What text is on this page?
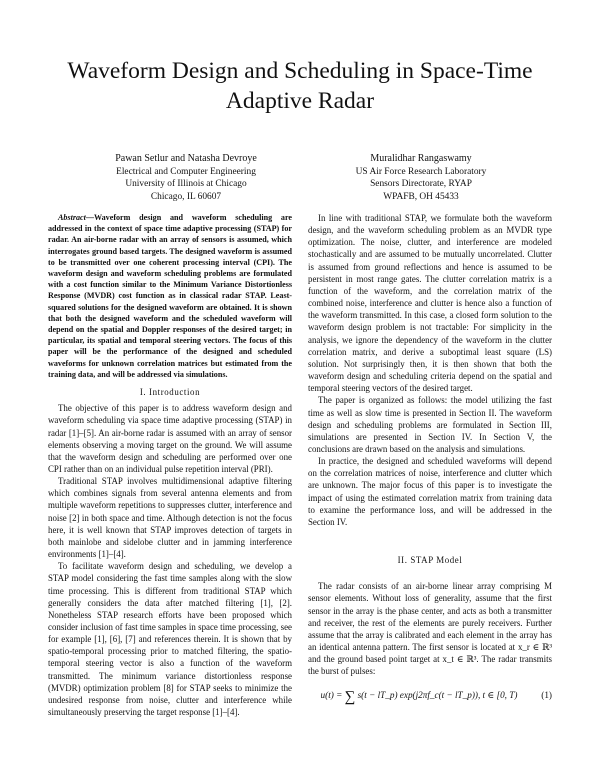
Waveform Design and Scheduling in Space-Time Adaptive Radar
Pawan Setlur and Natasha Devroye
Electrical and Computer Engineering
University of Illinois at Chicago
Chicago, IL 60607
Muralidhar Rangaswamy
US Air Force Research Laboratory
Sensors Directorate, RYAP
WPAFB, OH 45433

Abstract—Waveform design and waveform scheduling are addressed in the context of space time adaptive processing (STAP) for radar. An air-borne radar with an array of sensors is assumed, which interrogates ground based targets. The designed waveform is assumed to be transmitted over one coherent processing interval (CPI). The waveform design and waveform scheduling problems are formulated with a cost function similar to the Minimum Variance Distortionless Response (MVDR) cost function as in classical radar STAP. Least-squared solutions for the designed waveform are obtained. It is shown that both the designed waveform and the scheduled waveform will depend on the spatial and Doppler responses of the desired target; in particular, its spatial and temporal steering vectors. The focus of this paper will be the performance of the designed and scheduled waveforms for unknown correlation matrices but estimated from the training data, and will be addressed via simulations.

I. Introduction

The objective of this paper is to address waveform design and waveform scheduling via space time adaptive processing (STAP) in radar [1]–[5]. An air-borne radar is assumed with an array of sensor elements observing a moving target on the ground. We will assume that the waveform design and scheduling are performed over one CPI rather than on an individual pulse repetition interval (PRI).

Traditional STAP involves multidimensional adaptive filtering which combines signals from several antenna elements and from multiple waveform repetitions to suppresses clutter, interference and noise [2] in both space and time. Although detection is not the focus here, it is well known that STAP improves detection of targets in both mainlobe and sidelobe clutter and in jamming interference environments [1]–[4].

To facilitate waveform design and scheduling, we develop a STAP model considering the fast time samples along with the slow time processing. This is different from traditional STAP which generally considers the data after matched filtering [1], [2]. Nonetheless STAP research efforts have been proposed which consider inclusion of fast time samples in space time processing, see for example [1], [6], [7] and references therein. It is shown that by spatio-temporal processing prior to matched filtering, the spatio-temporal steering vector is also a function of the waveform transmitted. The minimum variance distortionless response (MVDR) optimization problem [8] for STAP seeks to minimize the undesired response from noise, clutter and interference while simultaneously preserving the target response [1]–[4].

In line with traditional STAP, we formulate both the waveform design, and the waveform scheduling problem as an MVDR type optimization. The noise, clutter, and interference are modeled stochastically and are assumed to be mutually uncorrelated. Clutter is assumed from ground reflections and hence is assumed to be persistent in most range gates. The clutter correlation matrix is a function of the waveform, and the correlation matrix of the combined noise, interference and clutter is hence also a function of the waveform transmitted. In this case, a closed form solution to the waveform design problem is not tractable: For simplicity in the analysis, we ignore the dependency of the waveform in the clutter correlation matrix, and derive a suboptimal least square (LS) solution. Not surprisingly then, it is then shown that both the waveform design and scheduling criteria depend on the spatial and temporal steering vectors of the desired target.

The paper is organized as follows: the model utilizing the fast time as well as slow time is presented in Section II. The waveform design and scheduling problems are formulated in Section III, simulations are presented in Section IV. In Section V, the conclusions are drawn based on the analysis and simulations.

In practice, the designed and scheduled waveforms will depend on the correlation matrices of noise, interference and clutter which are unknown. The major focus of this paper is to investigate the impact of using the estimated correlation matrix from training data to examine the performance loss, and will be addressed in the Section IV.

II. STAP Model

The radar consists of an air-borne linear array comprising M sensor elements. Without loss of generality, assume that the first sensor in the array is the phase center, and acts as both a transmitter and receiver, the rest of the elements are purely receivers. Further assume that the array is calibrated and each element in the array has an identical antenna pattern. The first sensor is located at x_r ∈ ℝ³ and the ground based point target at x_t ∈ ℝ³. The radar transmits the burst of pulses:

u(t) = ∑ s(t − lT_p) exp(j2πf_c(t − lT_p)), t ∈ [0, T)	(1)
